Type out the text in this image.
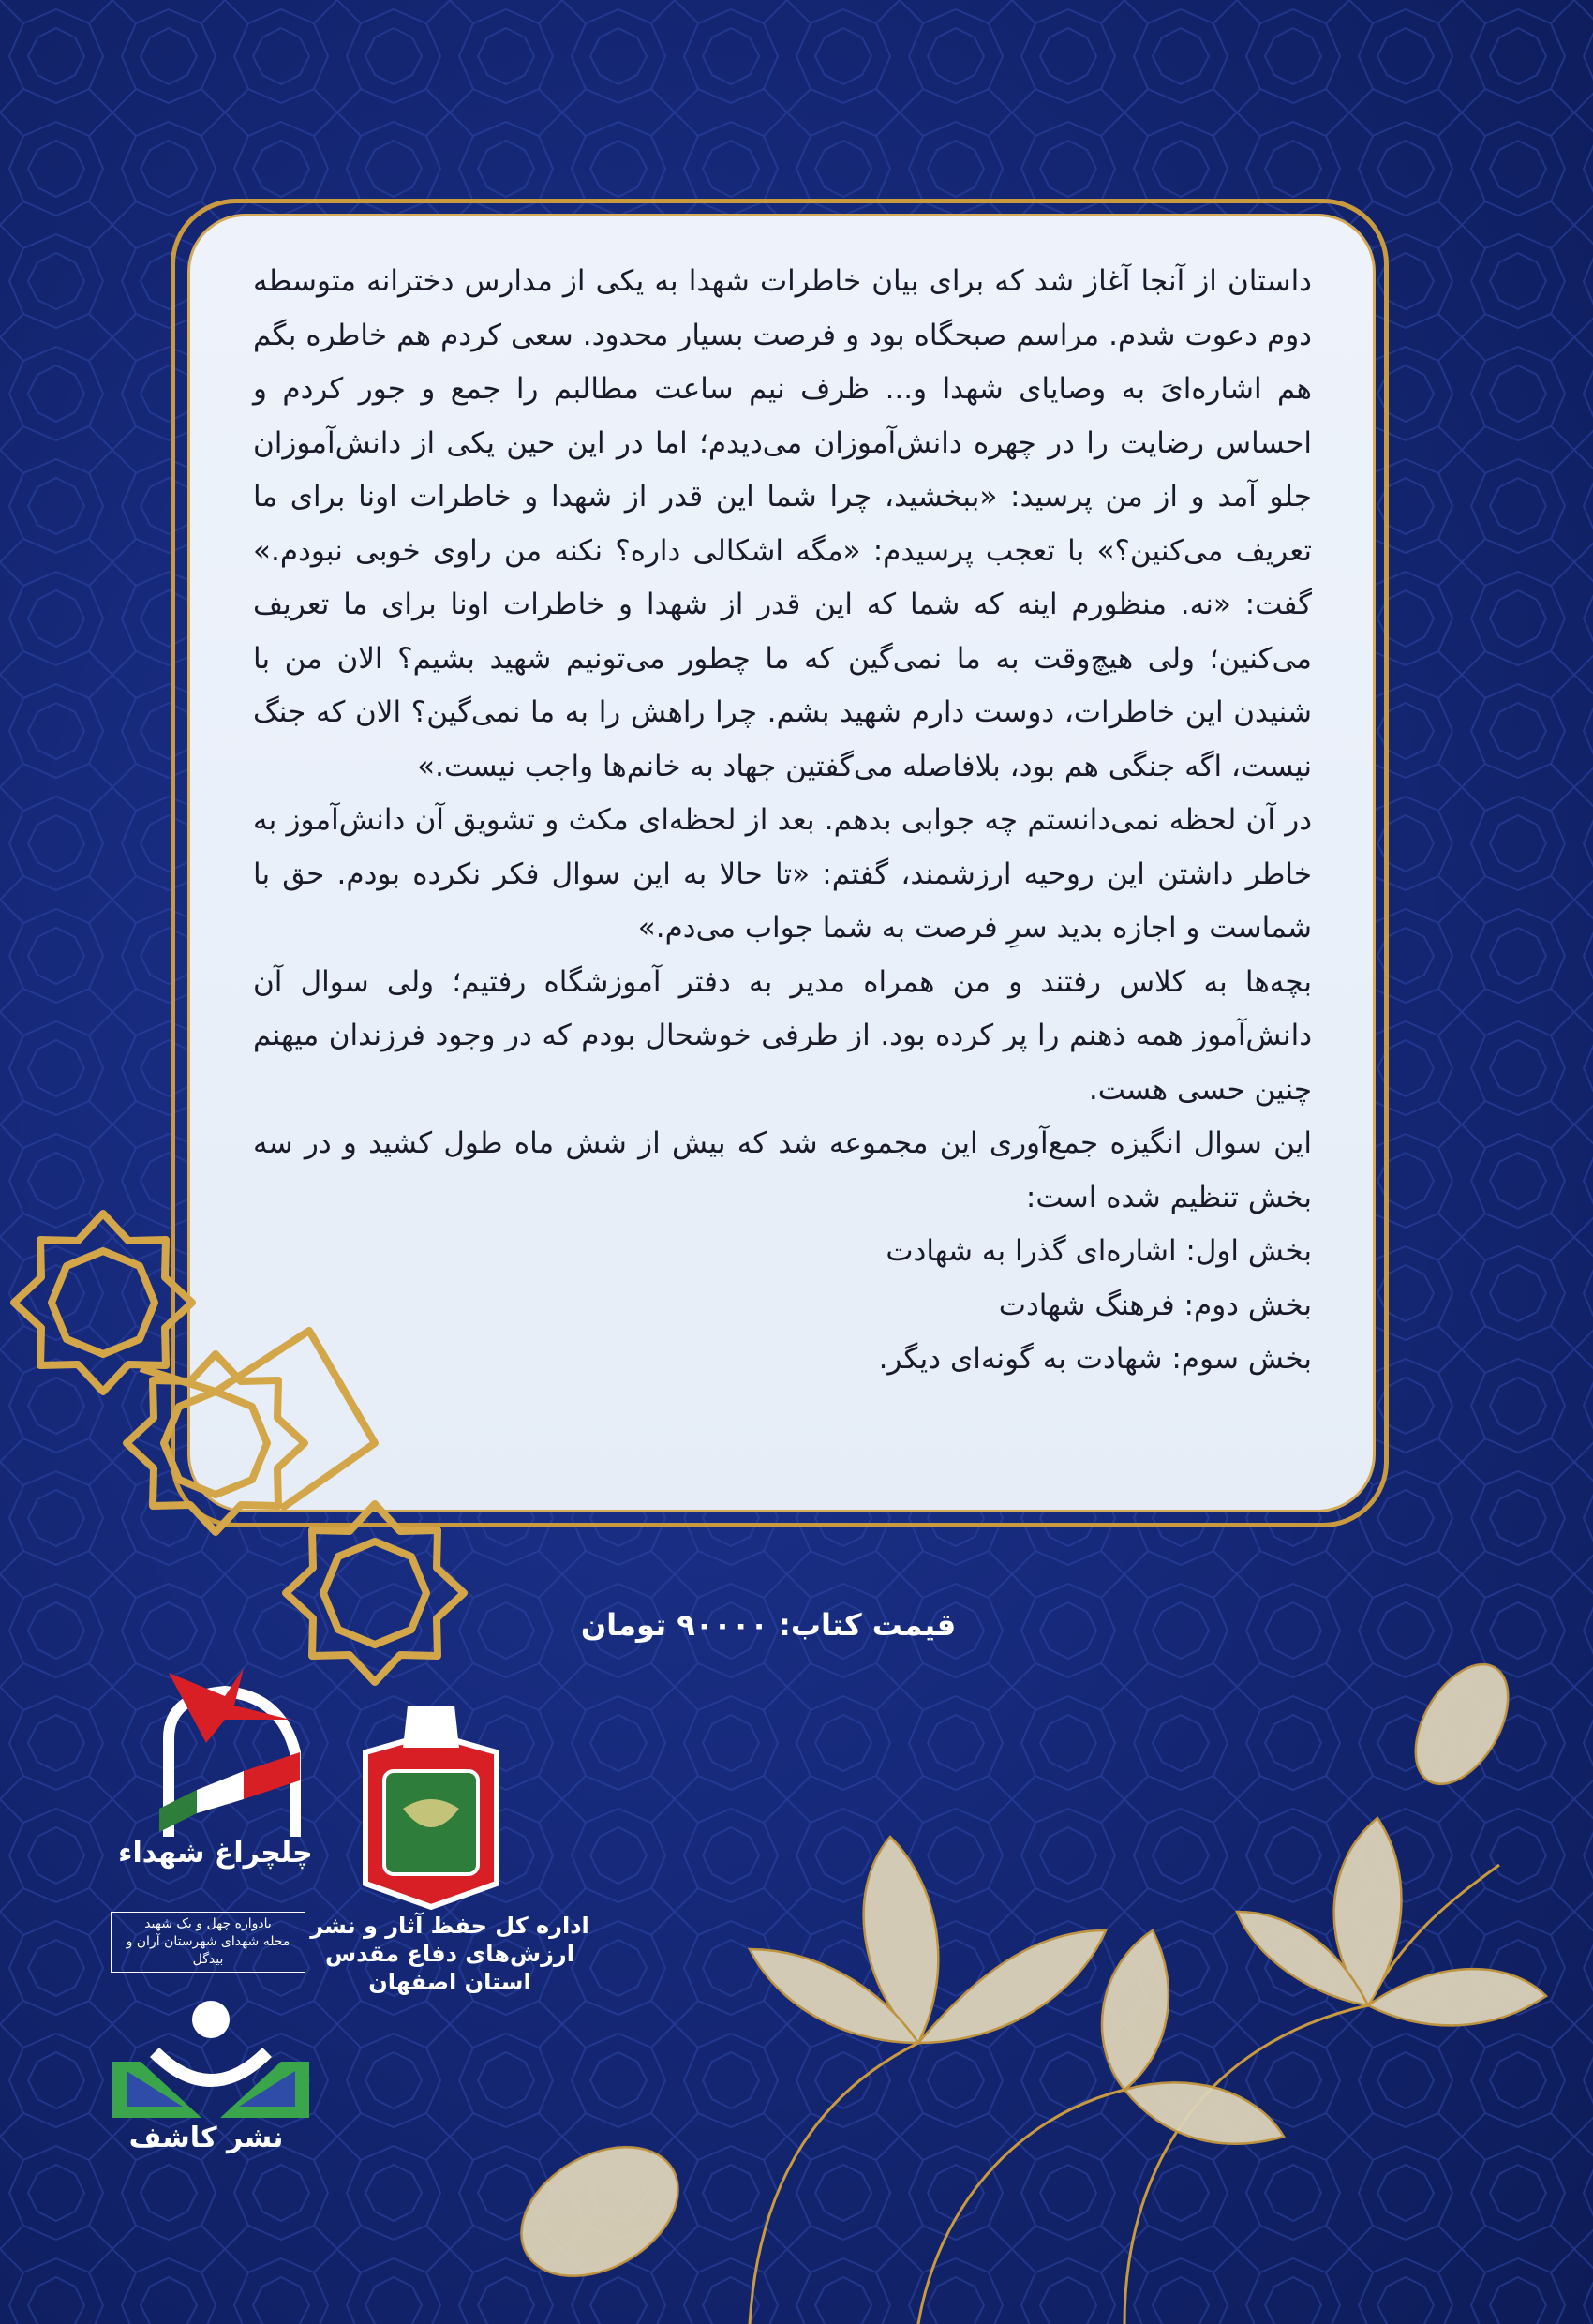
داستان از آنجا آغاز شد که برای بیان خاطرات شهدا به یکی از مدارس دخترانه متوسطه دوم دعوت شدم. مراسم صبحگاه بود و فرصت بسیار محدود. سعی کردم هم خاطره بگم هم اشاره‌ایَ به وصایای شهدا و... ظرف نیم ساعت مطالبم را جمع و جور کردم و احساس رضایت را در چهره دانش‌آموزان می‌دیدم؛ اما در این حین یکی از دانش‌آموزان جلو آمد و از من پرسید: «ببخشید، چرا شما این قدر از شهدا و خاطرات اونا برای ما تعریف می‌کنین؟» با تعجب پرسیدم: «مگه اشکالی داره؟ نکنه من راوی خوبی نبودم.» گفت: «نه. منظورم اینه که شما که این قدر از شهدا و خاطرات اونا برای ما تعریف می‌کنین؛ ولی هیچ‌وقت به ما نمی‌گین که ما چطور می‌تونیم شهید بشیم؟ الان من با شنیدن این خاطرات، دوست دارم شهید بشم. چرا راهش را به ما نمی‌گین؟ الان که جنگ نیست، اگه جنگی هم بود، بلافاصله می‌گفتین جهاد به خانم‌ها واجب نیست.»

در آن لحظه نمی‌دانستم چه جوابی بدهم. بعد از لحظه‌ای مکث و تشویق آن دانش‌آموز به خاطر داشتن این روحیه ارزشمند، گفتم: «تا حالا به این سوال فکر نکرده بودم. حق با شماست و اجازه بدید سرِ فرصت به شما جواب می‌دم.»

بچه‌ها به کلاس رفتند و من همراه مدیر به دفتر آموزشگاه رفتیم؛ ولی سوال آن دانش‌آموز همه ذهنم را پر کرده بود. از طرفی خوشحال بودم که در وجود فرزندان میهنم چنین حسی هست.

این سوال انگیزه جمع‌آوری این مجموعه شد که بیش از شش ماه طول کشید و در سه بخش تنظیم شده است:

بخش اول: اشاره‌ای گذرا به شهادت

بخش دوم: فرهنگ شهادت

بخش سوم: شهادت به گونه‌ای دیگر.

قیمت کتاب: ۹۰۰۰۰ تومان
اداره کل حفظ آثار و نشر
ارزش‌های دفاع مقدس
استان اصفهان
چلچراغ شهداء
یادواره چهل و یک شهید
محله شهدای شهرستان آران و بیدگل
نشر کاشف
